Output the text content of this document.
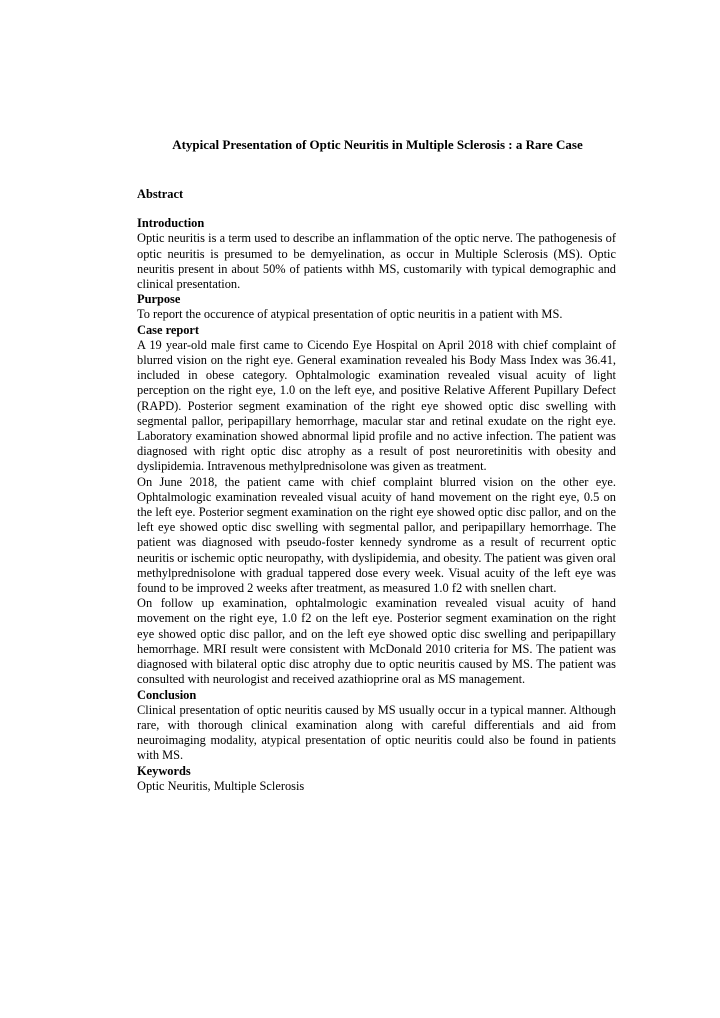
Atypical Presentation of Optic Neuritis in Multiple Sclerosis : a Rare Case
Abstract
Introduction

Optic neuritis is a term used to describe an inflammation of the optic nerve. The pathogenesis of optic neuritis is presumed to be demyelination, as occur in Multiple Sclerosis (MS). Optic neuritis present in about 50% of patients withh MS, customarily with typical demographic and clinical presentation.

Purpose

To report the occurence of atypical presentation of optic neuritis in a patient with MS.

Case report

A 19 year-old male first came to Cicendo Eye Hospital on April 2018 with chief complaint of blurred vision on the right eye. General examination revealed his Body Mass Index was 36.41, included in obese category. Ophtalmologic examination revealed visual acuity of light perception on the right eye, 1.0 on the left eye, and positive Relative Afferent Pupillary Defect (RAPD). Posterior segment examination of the right eye showed optic disc swelling with segmental pallor, peripapillary hemorrhage, macular star and retinal exudate on the right eye. Laboratory examination showed abnormal lipid profile and no active infection. The patient was diagnosed with right optic disc atrophy as a result of post neuroretinitis with obesity and dyslipidemia. Intravenous methylprednisolone was given as treatment.

On June 2018, the patient came with chief complaint blurred vision on the other eye. Ophtalmologic examination revealed visual acuity of hand movement on the right eye, 0.5 on the left eye. Posterior segment examination on the right eye showed optic disc pallor, and on the left eye showed optic disc swelling with segmental pallor, and peripapillary hemorrhage. The patient was diagnosed with pseudo-foster kennedy syndrome as a result of recurrent optic neuritis or ischemic optic neuropathy, with dyslipidemia, and obesity. The patient was given oral methylprednisolone with gradual tappered dose every week. Visual acuity of the left eye was found to be improved 2 weeks after treatment, as measured 1.0 f2 with snellen chart.

On follow up examination, ophtalmologic examination revealed visual acuity of hand movement on the right eye, 1.0 f2 on the left eye. Posterior segment examination on the right eye showed optic disc pallor, and on the left eye showed optic disc swelling and peripapillary hemorrhage. MRI result were consistent with McDonald 2010 criteria for MS. The patient was diagnosed with bilateral optic disc atrophy due to optic neuritis caused by MS. The patient was consulted with neurologist and received azathioprine oral as MS management.

Conclusion

Clinical presentation of optic neuritis caused by MS usually occur in a typical manner. Although rare, with thorough clinical examination along with careful differentials and aid from neuroimaging modality, atypical presentation of optic neuritis could also be found in patients with MS.

Keywords

Optic Neuritis, Multiple Sclerosis
